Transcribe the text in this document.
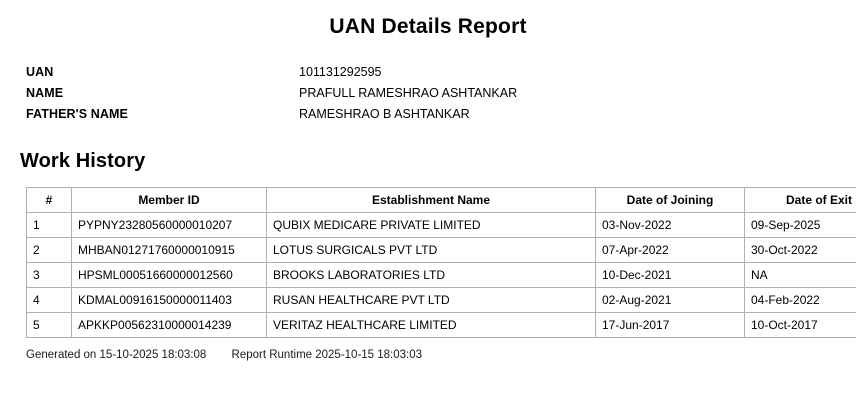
UAN Details Report
UAN	101131292595
NAME	PRAFULL RAMESHRAO ASHTANKAR
FATHER'S NAME	RAMESHRAO B ASHTANKAR
Work History
#	Member ID	Establishment Name	Date of Joining	Date of Exit
1	PYPNY23280560000010207	QUBIX MEDICARE PRIVATE LIMITED	03-Nov-2022	09-Sep-2025
2	MHBAN01271760000010915	LOTUS SURGICALS PVT LTD	07-Apr-2022	30-Oct-2022
3	HPSML00051660000012560	BROOKS LABORATORIES LTD	10-Dec-2021	NA
4	KDMAL00916150000011403	RUSAN HEALTHCARE PVT LTD	02-Aug-2021	04-Feb-2022
5	APKKP00562310000014239	VERITAZ HEALTHCARE LIMITED	17-Jun-2017	10-Oct-2017
Generated on 15-10-2025 18:03:08 Report Runtime 2025-10-15 18:03:03
